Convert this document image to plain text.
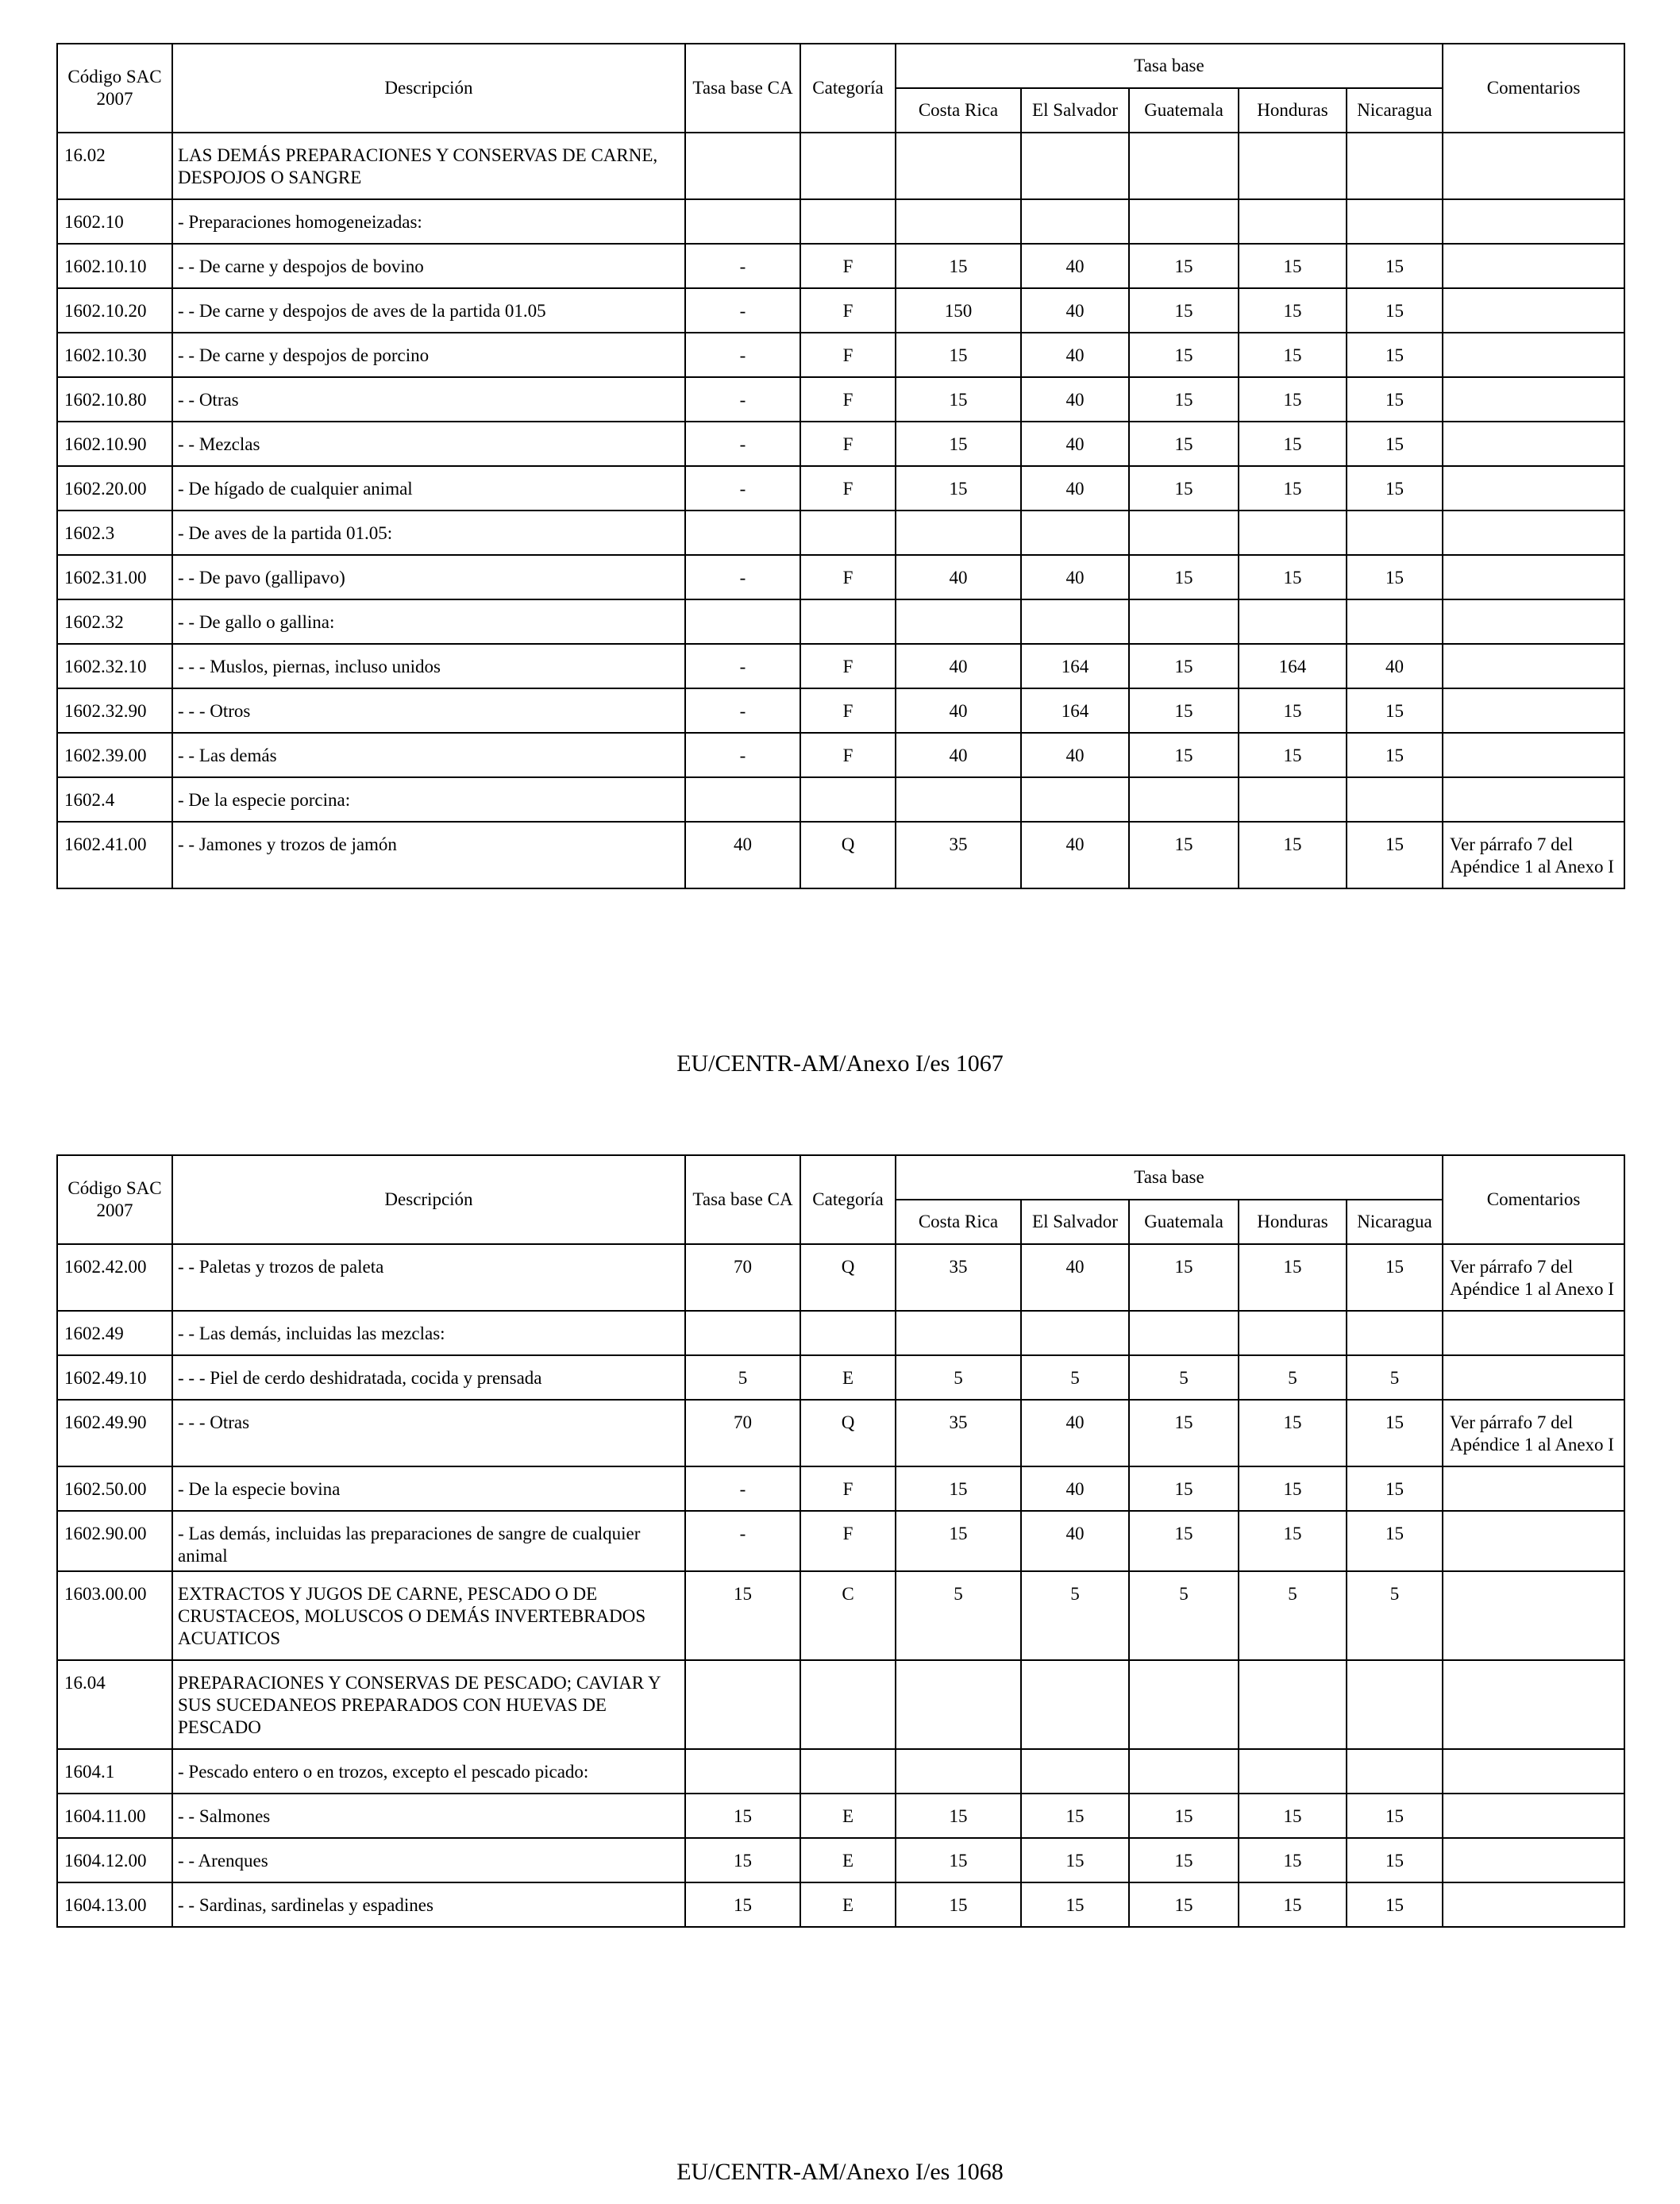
Código SAC 2007	Descripción	Tasa base CA	Categoría	Tasa base					Comentarios
				Costa Rica	El Salvador	Guatemala	Honduras	Nicaragua	
16.02	LAS DEMÁS PREPARACIONES Y CONSERVAS DE CARNE, DESPOJOS O SANGRE								
1602.10	- Preparaciones homogeneizadas:								
1602.10.10	- - De carne y despojos de bovino	-	F	15	40	15	15	15	
1602.10.20	- - De carne y despojos de aves de la partida 01.05	-	F	150	40	15	15	15	
1602.10.30	- - De carne y despojos de porcino	-	F	15	40	15	15	15	
1602.10.80	- - Otras	-	F	15	40	15	15	15	
1602.10.90	- - Mezclas	-	F	15	40	15	15	15	
1602.20.00	- De hígado de cualquier animal	-	F	15	40	15	15	15	
1602.3	- De aves de la partida 01.05:								
1602.31.00	- - De pavo (gallipavo)	-	F	40	40	15	15	15	
1602.32	- - De gallo o gallina:								
1602.32.10	- - - Muslos, piernas, incluso unidos	-	F	40	164	15	164	40	
1602.32.90	- - - Otros	-	F	40	164	15	15	15	
1602.39.00	- - Las demás	-	F	40	40	15	15	15	
1602.4	- De la especie porcina:								
1602.41.00	- - Jamones y trozos de jamón	40	Q	35	40	15	15	15	Ver párrafo 7 del Apéndice 1 al Anexo I
EU/CENTR-AM/Anexo I/es 1067
Código SAC 2007	Descripción	Tasa base CA	Categoría	Tasa base					Comentarios
				Costa Rica	El Salvador	Guatemala	Honduras	Nicaragua	
1602.42.00	- - Paletas y trozos de paleta	70	Q	35	40	15	15	15	Ver párrafo 7 del Apéndice 1 al Anexo I
1602.49	- - Las demás, incluidas las mezclas:								
1602.49.10	- - - Piel de cerdo deshidratada, cocida y prensada	5	E	5	5	5	5	5	
1602.49.90	- - - Otras	70	Q	35	40	15	15	15	Ver párrafo 7 del Apéndice 1 al Anexo I
1602.50.00	- De la especie bovina	-	F	15	40	15	15	15	
1602.90.00	- Las demás, incluidas las preparaciones de sangre de cualquier animal	-	F	15	40	15	15	15	
1603.00.00	EXTRACTOS Y JUGOS DE CARNE, PESCADO O DE CRUSTACEOS, MOLUSCOS O DEMÁS INVERTEBRADOS ACUATICOS	15	C	5	5	5	5	5	
16.04	PREPARACIONES Y CONSERVAS DE PESCADO; CAVIAR Y SUS SUCEDANEOS PREPARADOS CON HUEVAS DE PESCADO								
1604.1	- Pescado entero o en trozos, excepto el pescado picado:								
1604.11.00	- - Salmones	15	E	15	15	15	15	15	
1604.12.00	- - Arenques	15	E	15	15	15	15	15	
1604.13.00	- - Sardinas, sardinelas y espadines	15	E	15	15	15	15	15	
EU/CENTR-AM/Anexo I/es 1068
